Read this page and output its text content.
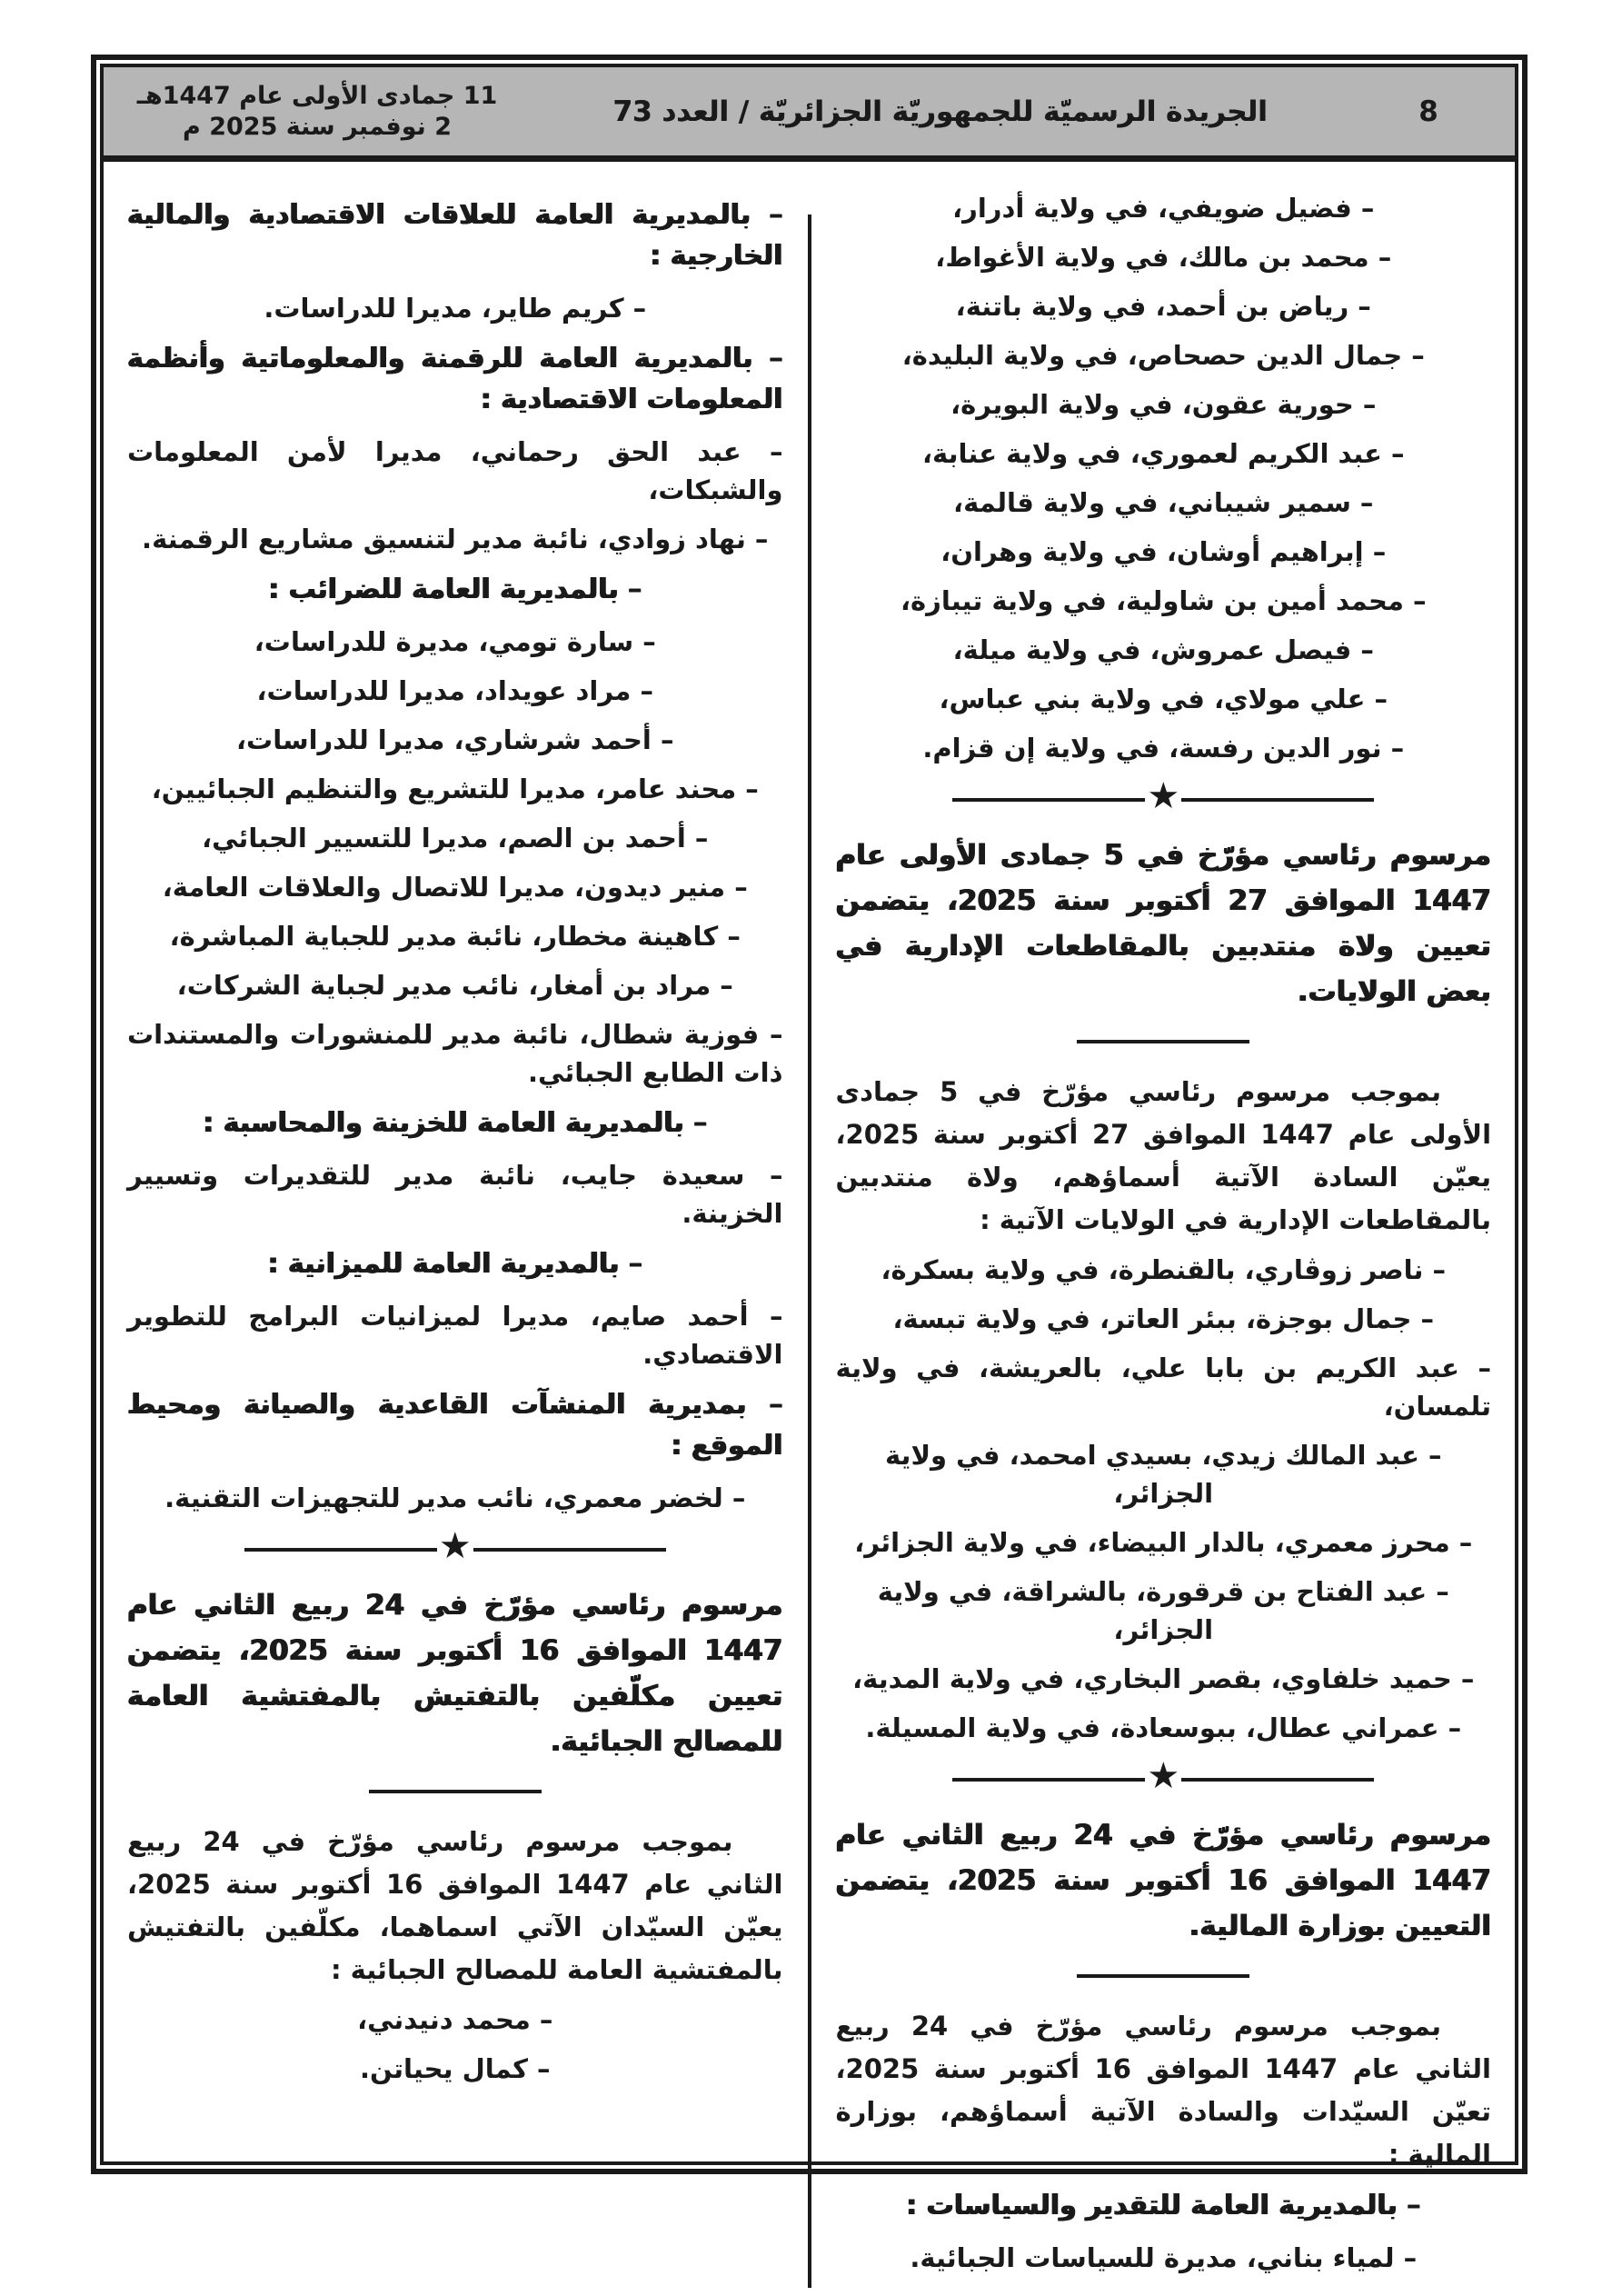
11 جمادى الأولى عام 1447هـ
2 نوفمبر سنة 2025 م	الجريدة الرسميّة للجمهوريّة الجزائريّة / العدد 73	8
– فضيل ضويفي، في ولاية أدرار،
– محمد بن مالك، في ولاية الأغواط،
– رياض بن أحمد، في ولاية باتنة،
– جمال الدين حصحاص، في ولاية البليدة،
– حورية عقون، في ولاية البويرة،
– عبد الكريم لعموري، في ولاية عنابة،
– سمير شيباني، في ولاية قالمة،
– إبراهيم أوشان، في ولاية وهران،
– محمد أمين بن شاولية، في ولاية تيبازة،
– فيصل عمروش، في ولاية ميلة،
– علي مولاي، في ولاية بني عباس،
– نور الدين رفسة، في ولاية إن قزام.
★
مرسوم رئاسي مؤرّخ في 5 جمادى الأولى عام 1447 الموافق 27 أكتوبر سنة 2025، يتضمن تعيين ولاة منتدبين بالمقاطعات الإدارية في بعض الولايات.
بموجب مرسوم رئاسي مؤرّخ في 5 جمادى الأولى عام 1447 الموافق 27 أكتوبر سنة 2025، يعيّن السادة الآتية أسماؤهم، ولاة منتدبين بالمقاطعات الإدارية في الولايات الآتية :
– ناصر زوڤاري، بالقنطرة، في ولاية بسكرة،
– جمال بوجزة، ببئر العاتر، في ولاية تبسة،
– عبد الكريم بن بابا علي، بالعريشة، في ولاية تلمسان،
– عبد المالك زيدي، بسيدي امحمد، في ولاية الجزائر،
– محرز معمري، بالدار البيضاء، في ولاية الجزائر،
– عبد الفتاح بن قرقورة، بالشراقة، في ولاية الجزائر،
– حميد خلفاوي، بقصر البخاري، في ولاية المدية،
– عمراني عطال، ببوسعادة، في ولاية المسيلة.
★
مرسوم رئاسي مؤرّخ في 24 ربيع الثاني عام 1447 الموافق 16 أكتوبر سنة 2025، يتضمن التعيين بوزارة المالية.
بموجب مرسوم رئاسي مؤرّخ في 24 ربيع الثاني عام 1447 الموافق 16 أكتوبر سنة 2025، تعيّن السيّدات والسادة الآتية أسماؤهم، بوزارة المالية :
– بالمديرية العامة للتقدير والسياسات :
– لمياء بناني، مديرة للسياسات الجبائية.
– بالمديرية العامة للعلاقات الاقتصادية والمالية الخارجية :
– كريم طاير، مديرا للدراسات.
– بالمديرية العامة للرقمنة والمعلوماتية وأنظمة المعلومات الاقتصادية :
– عبد الحق رحماني، مديرا لأمن المعلومات والشبكات،
– نهاد زوادي، نائبة مدير لتنسيق مشاريع الرقمنة.
– بالمديرية العامة للضرائب :
– سارة تومي، مديرة للدراسات،
– مراد عويداد، مديرا للدراسات،
– أحمد شرشاري، مديرا للدراسات،
– محند عامر، مديرا للتشريع والتنظيم الجبائيين،
– أحمد بن الصم، مديرا للتسيير الجبائي،
– منير ديدون، مديرا للاتصال والعلاقات العامة،
– كاهينة مخطار، نائبة مدير للجباية المباشرة،
– مراد بن أمغار، نائب مدير لجباية الشركات،
– فوزية شطال، نائبة مدير للمنشورات والمستندات ذات الطابع الجبائي.
– بالمديرية العامة للخزينة والمحاسبة :
– سعيدة جايب، نائبة مدير للتقديرات وتسيير الخزينة.
– بالمديرية العامة للميزانية :
– أحمد صايم، مديرا لميزانيات البرامج للتطوير الاقتصادي.
– بمديرية المنشآت القاعدية والصيانة ومحيط الموقع :
– لخضر معمري، نائب مدير للتجهيزات التقنية.
★
مرسوم رئاسي مؤرّخ في 24 ربيع الثاني عام 1447 الموافق 16 أكتوبر سنة 2025، يتضمن تعيين مكلّفين بالتفتيش بالمفتشية العامة للمصالح الجبائية.
بموجب مرسوم رئاسي مؤرّخ في 24 ربيع الثاني عام 1447 الموافق 16 أكتوبر سنة 2025، يعيّن السيّدان الآتي اسماهما، مكلّفين بالتفتيش بالمفتشية العامة للمصالح الجبائية :
– محمد دنيدني،
– كمال يحياتن.
